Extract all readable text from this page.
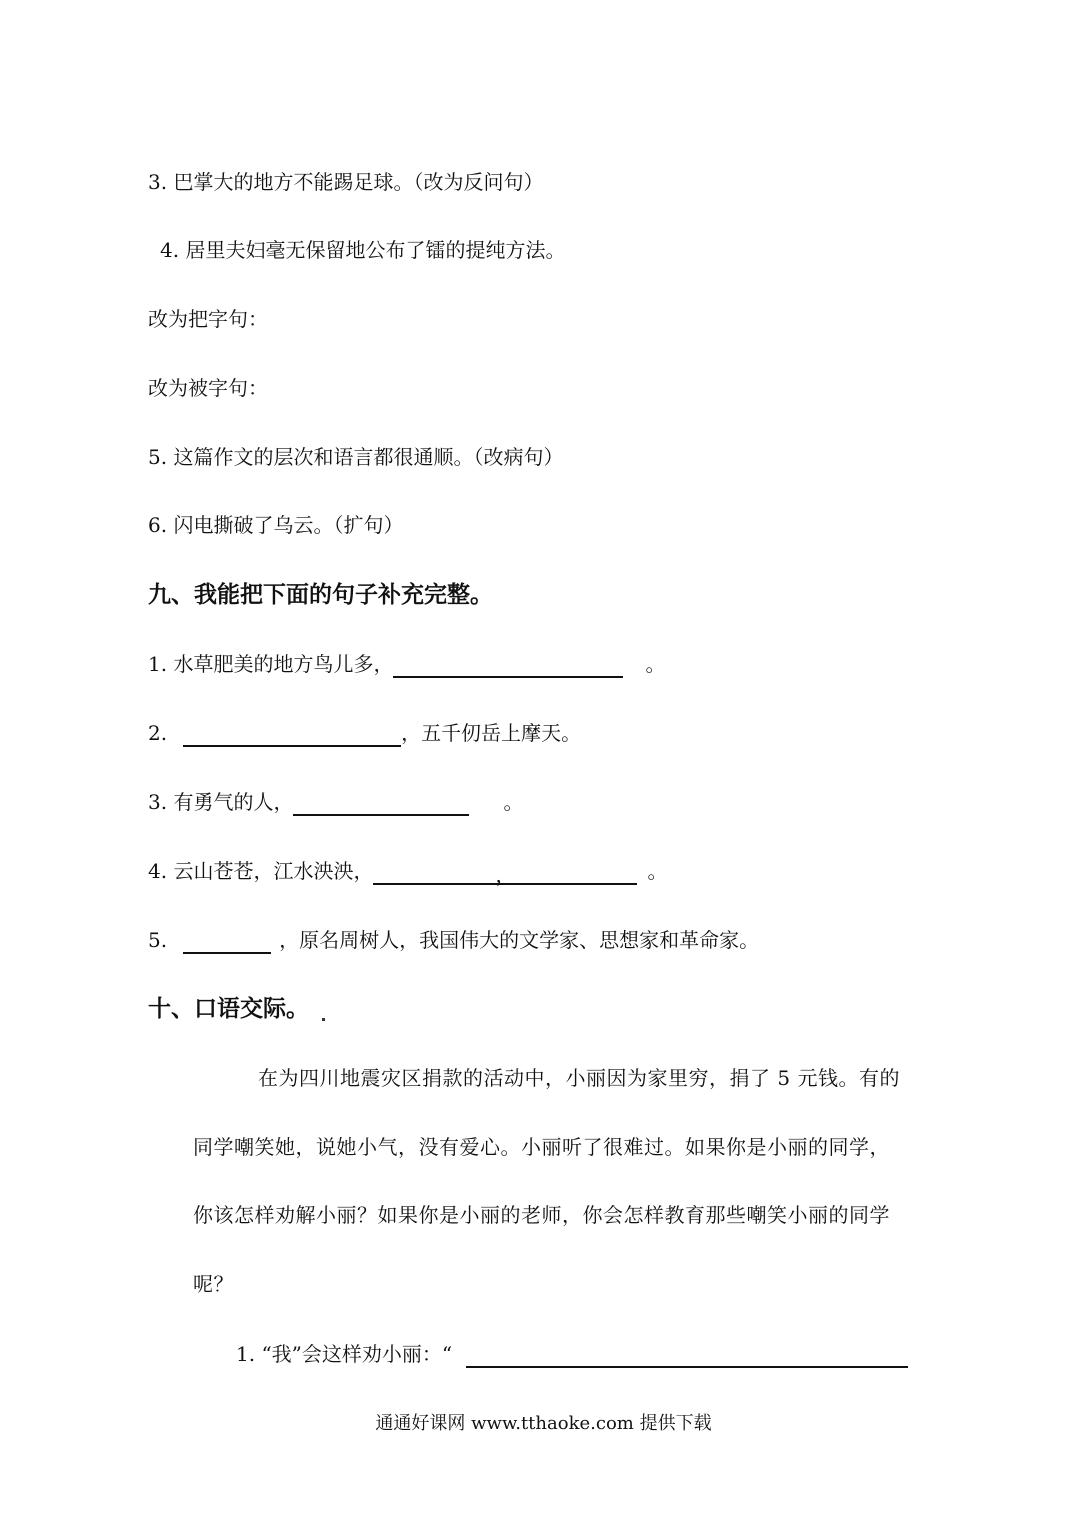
3. 巴掌大的地方不能踢足球。（改为反问句）
4. 居里夫妇毫无保留地公布了镭的提纯方法。
改为把字句：
改为被字句：
5. 这篇作文的层次和语言都很通顺。（改病句）
6. 闪电撕破了乌云。（扩句）
九、我能把下面的句子补充完整。
1. 水草肥美的地方鸟儿多，	。
2.	，五千仞岳上摩天。
3. 有勇气的人，	。
4. 云山苍苍，江水泱泱，	，	。
5.	，原名周树人，我国伟大的文学家、思想家和革命家。
十、口语交际。
在为四川地震灾区捐款的活动中，小丽因为家里穷，捐了 5 元钱。有的
同学嘲笑她，说她小气，没有爱心。小丽听了很难过。如果你是小丽的同学，
你该怎样劝解小丽？如果你是小丽的老师，你会怎样教育那些嘲笑小丽的同学
呢？
1. “我”会这样劝小丽：“
通通好课网 www.tthaoke.com 提供下载
